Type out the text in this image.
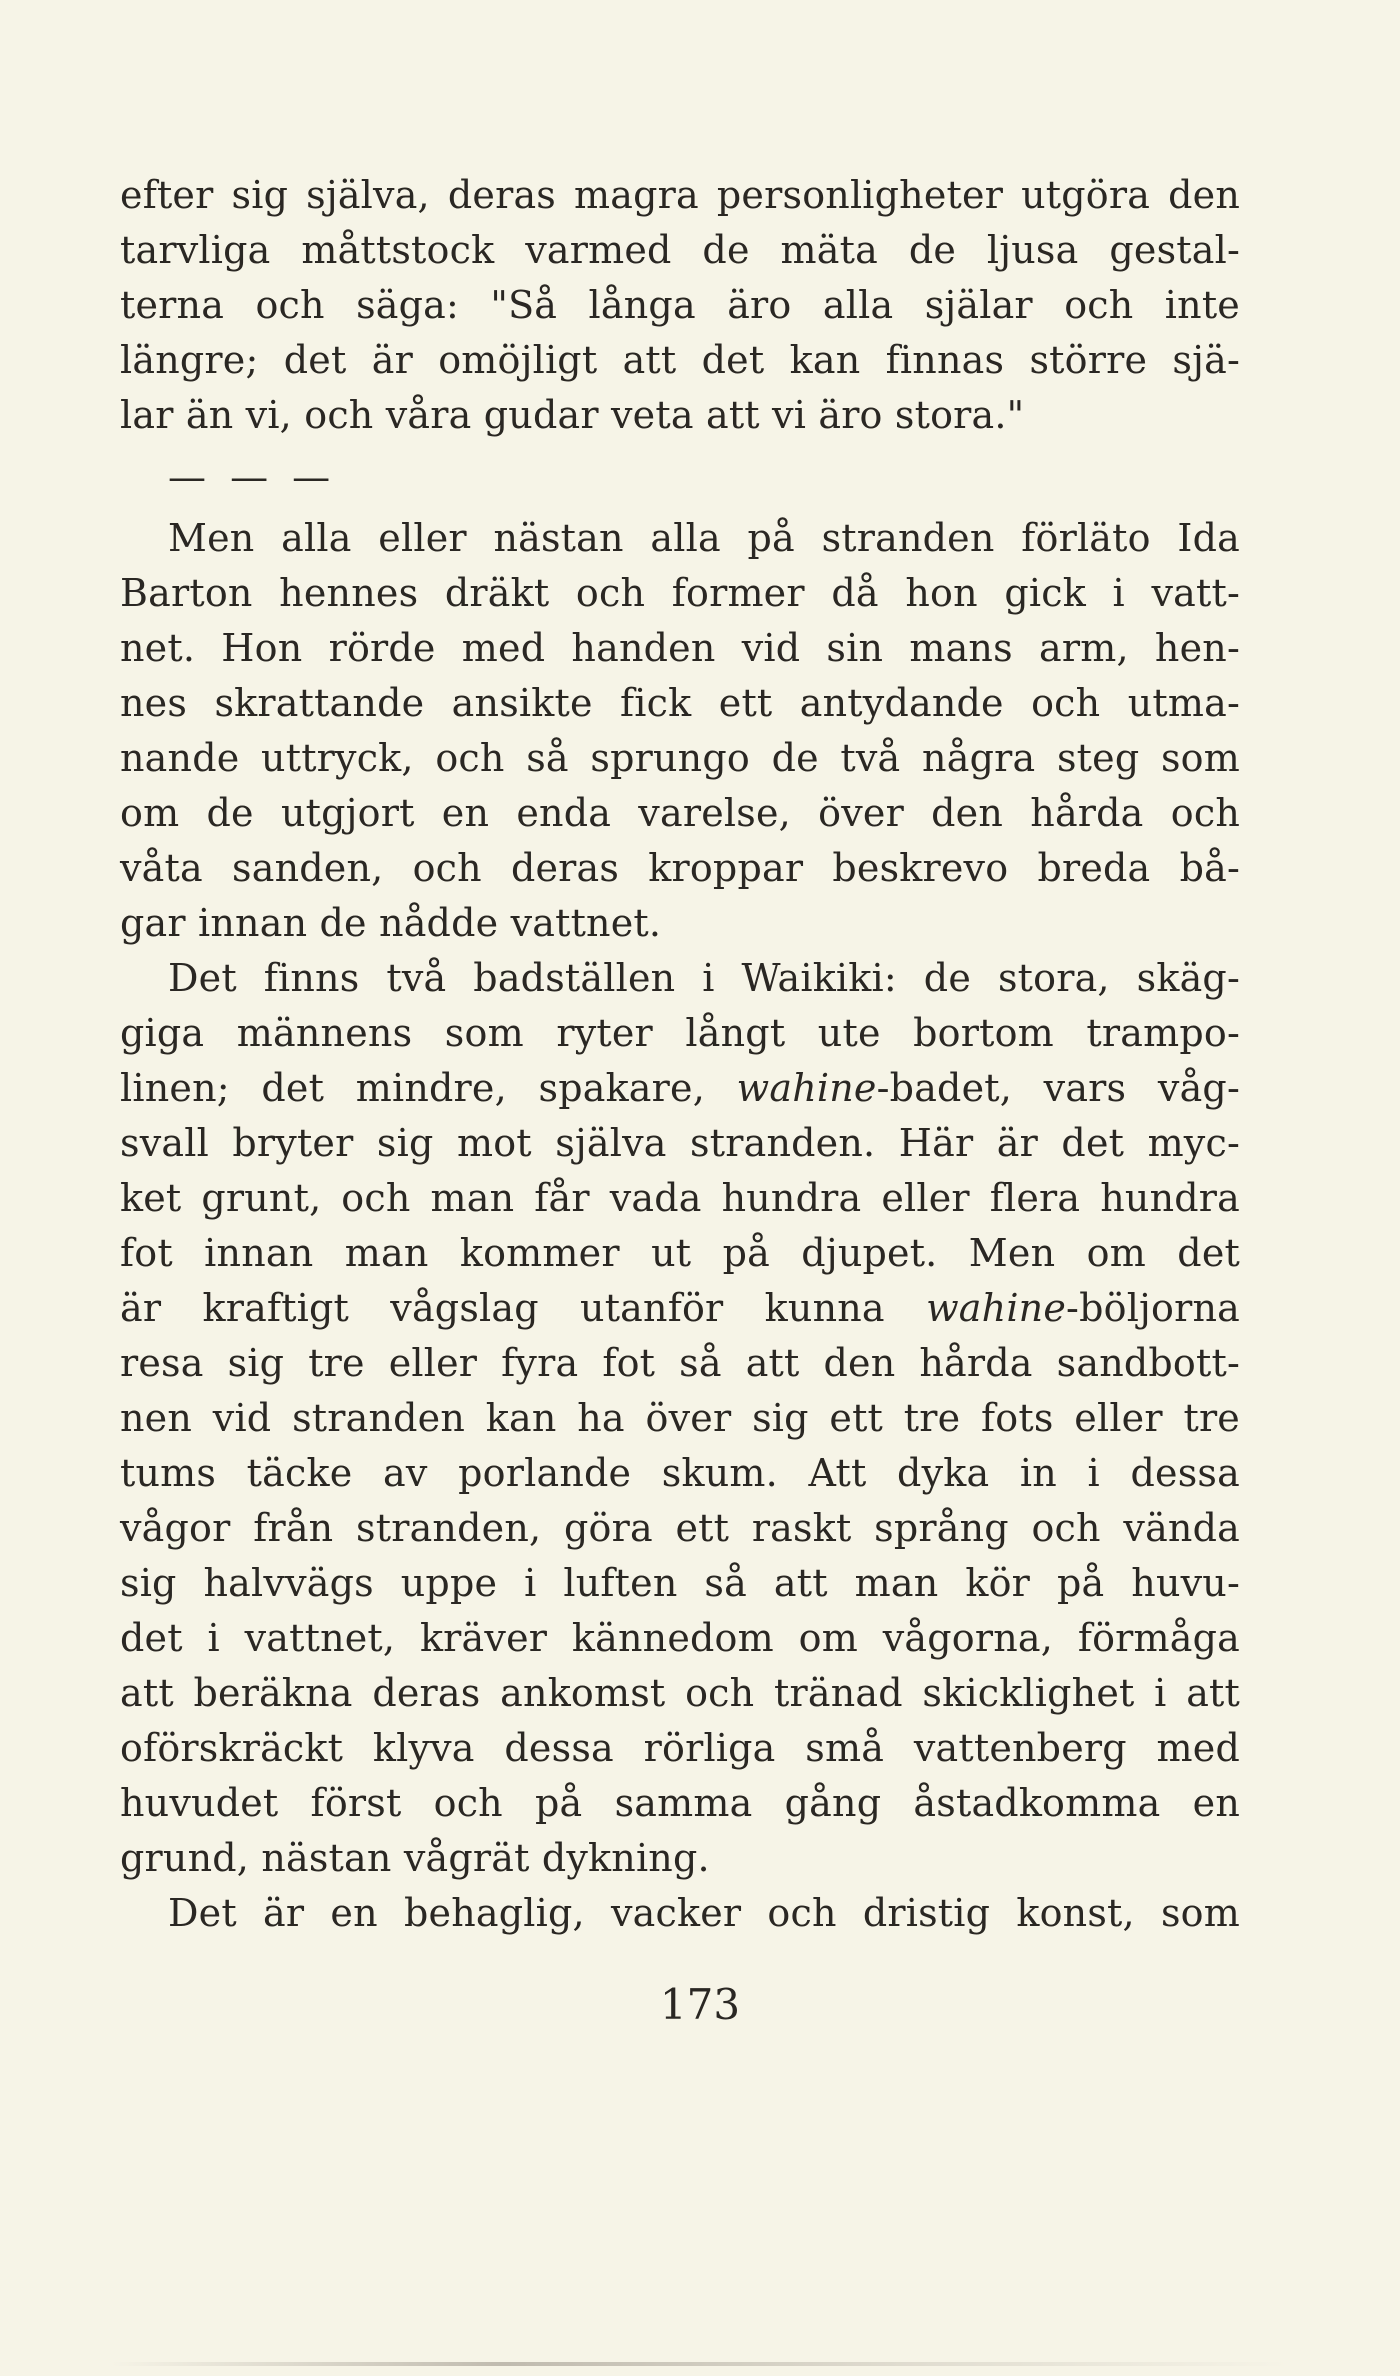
efter sig själva, deras magra personligheter utgöra den
tarvliga måttstock varmed de mäta de ljusa gestal-
terna och säga: "Så långa äro alla själar och inte
längre; det är omöjligt att det kan finnas större sjä-
lar än vi, och våra gudar veta att vi äro stora."
— — —
Men alla eller nästan alla på stranden förläto Ida
Barton hennes dräkt och former då hon gick i vatt-
net. Hon rörde med handen vid sin mans arm, hen-
nes skrattande ansikte fick ett antydande och utma-
nande uttryck, och så sprungo de två några steg som
om de utgjort en enda varelse, över den hårda och
våta sanden, och deras kroppar beskrevo breda bå-
gar innan de nådde vattnet.
Det finns två badställen i Waikiki: de stora, skäg-
giga männens som ryter långt ute bortom trampo-
linen; det mindre, spakare, wahine-badet, vars våg-
svall bryter sig mot själva stranden. Här är det myc-
ket grunt, och man får vada hundra eller flera hundra
fot innan man kommer ut på djupet. Men om det
är kraftigt vågslag utanför kunna wahine-böljorna
resa sig tre eller fyra fot så att den hårda sandbott-
nen vid stranden kan ha över sig ett tre fots eller tre
tums täcke av porlande skum. Att dyka in i dessa
vågor från stranden, göra ett raskt språng och vända
sig halvvägs uppe i luften så att man kör på huvu-
det i vattnet, kräver kännedom om vågorna, förmåga
att beräkna deras ankomst och tränad skicklighet i att
oförskräckt klyva dessa rörliga små vattenberg med
huvudet först och på samma gång åstadkomma en
grund, nästan vågrät dykning.
Det är en behaglig, vacker och dristig konst, som
173
